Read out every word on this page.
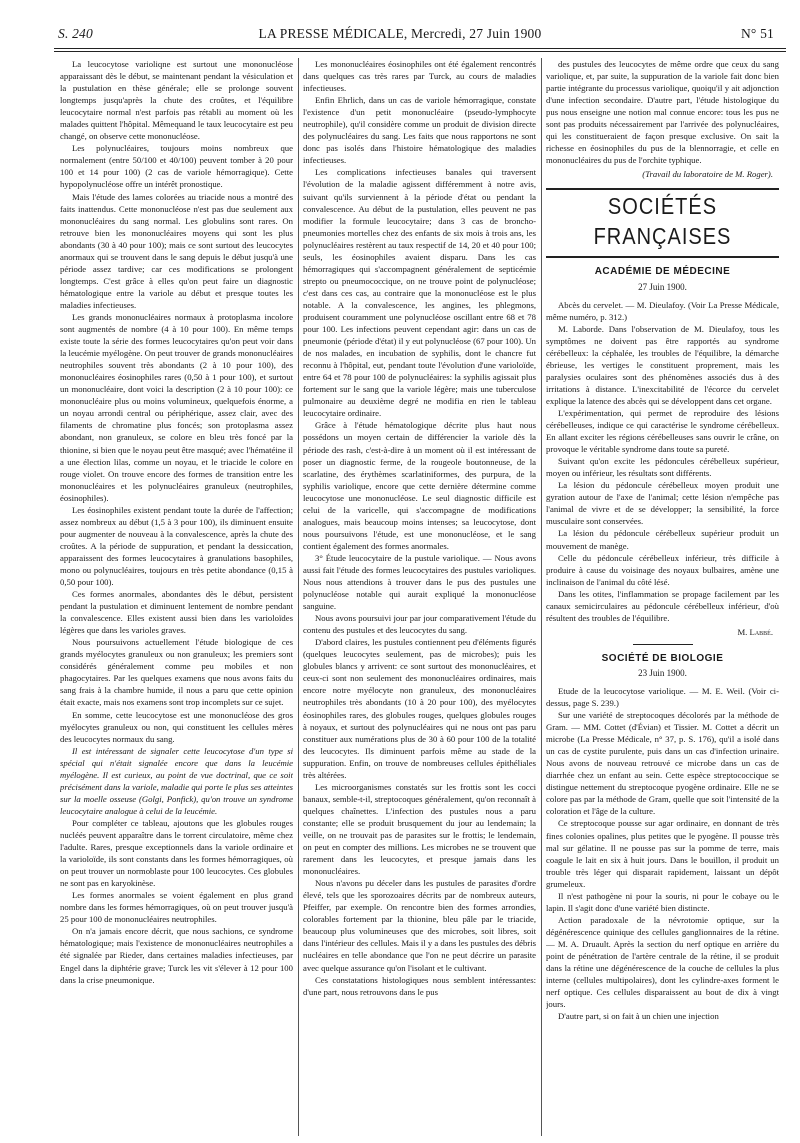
S. 240	LA PRESSE MÉDICALE, Mercredi, 27 Juin 1900	N° 51

La leucocytose varioliqne est surtout une mononucléose apparaissant dès le début, se maintenant pendant la vésiculation et la pustulation en thèse générale; elle se prolonge souvent longtemps jusqu'après la chute des croûtes, et l'équilibre leucocytaire normal n'est parfois pas rétabli au moment où les malades quittent l'hôpital. Mêmequand le taux leucocytaire est peu changé, on observe cette mononucléose.

Les polynucléaires, toujours moins nombreux que normalement (entre 50/100 et 40/100) peuvent tomber à 20 pour 100 et 14 pour 100) (2 cas de variole hémorragique). Cette hypopolynucléose offre un intérêt pronostique.

Mais l'étude des lames colorées au triacide nous a montré des faits inattendus. Cette mononucléose n'est pas due seulement aux mononucléaires du sang normal. Les globulins sont rares. On retrouve bien les mononucléaires moyens qui sont les plus abondants (30 à 40 pour 100); mais ce sont surtout des leucocytes anormaux qui se trouvent dans le sang depuis le début jusqu'à une période assez tardive; car ces modifications se prolongent longtemps. C'est grâce à elles qu'on peut faire un diagnostic hématologique entre la variole au début et presque toutes les maladies infectieuses.

Les grands mononucléaires normaux à protoplasma incolore sont augmentés de nombre (4 à 10 pour 100). En même temps existe toute la série des formes leucocytaires qu'on peut voir dans la leucémie myélogène. On peut trouver de grands mononucléaires neutrophiles souvent très abondants (2 à 10 pour 100), des mononucléaires éosinophiles rares (0,50 à 1 pour 100), et surtout un mononucléaire, dont voici la description (2 à 10 pour 100): ce mononucléaire plus ou moins volumineux, quelquefois énorme, a un noyau arrondi central ou périphérique, assez clair, avec des filaments de chromatine plus foncés; son protoplasma assez abondant, non granuleux, se colore en bleu très foncé par la thionine, si bien que le noyau peut être masqué; avec l'hématéine il a une élection lilas, comme un noyau, et le triacide le colore en rouge violet. On trouve encore des formes de transition entre les mononucléaires et les polynucléaires granuleux (neutrophiles, éosinophiles).

Les éosinophiles existent pendant toute la durée de l'affection; assez nombreux au début (1,5 à 3 pour 100), ils diminuent ensuite pour augmenter de nouveau à la convalescence, après la chute des croûtes. A la période de suppuration, et pendant la dessiccation, apparaissent des formes leucocytaires à granulations basophiles, mono ou polynucléaires, toujours en très petite abondance (0,15 à 0,50 pour 100).

Ces formes anormales, abondantes dès le début, persistent pendant la pustulation et diminuent lentement de nombre pendant la convalescence. Elles existent aussi bien dans les varioloïdes légères que dans les varioles graves.

Nous poursuivons actuellement l'étude biologique de ces grands myélocytes granuleux ou non granuleux; les premiers sont considérés généralement comme peu mobiles et non phagocytaires. Par les quelques examens que nous avons faits du sang frais à la chambre humide, il nous a paru que cette opinion était exacte, mais nos examens sont trop incomplets sur ce sujet.

En somme, cette leucocytose est une mononucléose des gros myélocytes granuleux ou non, qui constituent les cellules mères des leucocytes normaux du sang.

Il est intéressant de signaler cette leucocytose d'un type si spécial qui n'était signalée encore que dans la leucémie myélogène. Il est curieux, au point de vue doctrinal, que ce soit précisément dans la variole, maladie qui porte le plus ses atteintes sur la moelle osseuse (Golgi, Ponfick), qu'on trouve un syndrome leucocytaire analogue à celui de la leucémie.

Pour compléter ce tableau, ajoutons que les globules rouges nucléés peuvent apparaître dans le torrent circulatoire, même chez l'adulte. Rares, presque exceptionnels dans la variole ordinaire et la varioloïde, ils sont constants dans les formes hémorragiques, où on peut trouver un normoblaste pour 100 leucocytes. Ces globules ne sont pas en karyokinèse.

Les formes anormales se voient également en plus grand nombre dans les formes hémorragiques, où on peut trouver jusqu'à 25 pour 100 de mononucléaires neutrophiles.

On n'a jamais encore décrit, que nous sachions, ce syndrome hématologique; mais l'existence de mononucléaires neutrophiles a été signalée par Rieder, dans certaines maladies infectieuses, par Engel dans la diphtérie grave; Turck les vit s'élever à 12 pour 100 dans la crise pneumonique.

Les mononucléaires éosinophiles ont été également rencontrés dans quelques cas très rares par Turck, au cours de maladies infectieuses.

Enfin Ehrlich, dans un cas de variole hémorragique, constate l'existence d'un petit mononucléaire (pseudo-lymphocyte neutrophile), qu'il considère comme un produit de division directe des polynucléaires du sang. Les faits que nous rapportons ne sont donc pas isolés dans l'histoire hématologique des maladies infectieuses.

Les complications infectieuses banales qui traversent l'évolution de la maladie agissent différemment à notre avis, suivant qu'ils surviennent à la période d'état ou pendant la convalescence. Au début de la pustulation, elles peuvent ne pas modifier la formule leucocytaire; dans 3 cas de broncho-pneumonies mortelles chez des enfants de six mois à trois ans, les polynucléaires restèrent au taux respectif de 14, 20 et 40 pour 100; seuls, les éosinophiles avaient disparu. Dans les cas hémorragiques qui s'accompagnent généralement de septicémie strepto ou pneumococcique, on ne trouve point de polynucléose; c'est dans ces cas, au contraire que la mononucléose est le plus notable. A la convalescence, les angines, les phlegmons, produisent couramment une polynucléose oscillant entre 68 et 78 pour 100. Les infections peuvent cependant agir: dans un cas de pneumonie (période d'état) il y eut polynucléose (67 pour 100). Un de nos malades, en incubation de syphilis, dont le chancre fut reconnu à l'hôpital, eut, pendant toute l'évolution d'une varioloïde, entre 64 et 78 pour 100 de polynucléaires: la syphilis agissait plus fortement sur le sang que la variole légère; mais une tuberculose pulmonaire au deuxième degré ne modifia en rien le tableau leucocytaire ordinaire.

Grâce à l'étude hématologique décrite plus haut nous possédons un moyen certain de différencier la variole dès la période des rash, c'est-à-dire à un moment où il est intéressant de poser un diagnostic ferme, de la rougeole boutonneuse, de la scarlatine, des érythèmes scarlatiniformes, des purpura, de la syphilis variolique, encore que cette dernière détermine comme leucocytose une mononucléose. Le seul diagnostic difficile est celui de la varicelle, qui s'accompagne de modifications analogues, mais beaucoup moins intenses; sa leucocytose, dont nous poursuivons l'étude, est une mononucléose, et le sang contient également des formes anormales.

3° Étude leucocytaire de la pustule variolique. — Nous avons aussi fait l'étude des formes leucocytaires des pustules varioliques. Nous nous attendions à trouver dans le pus des pustules une polynucléose notable qui aurait expliqué la mononucléose sanguine.

Nous avons poursuivi jour par jour comparativement l'étude du contenu des pustules et des leucocytes du sang.

D'abord claires, les pustules contiennent peu d'éléments figurés (quelques leucocytes seulement, pas de microbes); puis les globules blancs y arrivent: ce sont surtout des mononucléaires, et ceux-ci sont non seulement des mononucléaires ordinaires, mais encore notre myélocyte non granuleux, des mononucléaires neutrophiles très abondants (10 à 20 pour 100), des myélocytes éosinophiles rares, des globules rouges, quelques globules rouges à noyaux, et surtout des polynucléaires qui ne nous ont pas paru constituer aux numérations plus de 30 à 60 pour 100 de la totalité des leucocytes. Ils diminuent parfois même au stade de la suppuration. Enfin, on trouve de nombreuses cellules épithéliales très altérées.

Les microorganismes constatés sur les frottis sont les cocci banaux, semble-t-il, streptocoques généralement, qu'on reconnaît à quelques chaînettes. L'infection des pustules nous a paru constante; elle se produit brusquement du jour au lendemain; la veille, on ne trouvait pas de parasites sur le frottis; le lendemain, on peut en compter des millions. Les microbes ne se trouvent que rarement dans les leucocytes, et presque jamais dans les mononucléaires.

Nous n'avons pu déceler dans les pustules de parasites d'ordre élevé, tels que les sporozoaires décrits par de nombreux auteurs, Pfeiffer, par exemple. On rencontre bien des formes arrondies, colorables fortement par la thionine, bleu pâle par le triacide, beaucoup plus volumineuses que des microbes, soit libres, soit dans l'intérieur des cellules. Mais il y a dans les pustules des débris nucléaires en telle abondance que l'on ne peut décrire un parasite avec quelque assurance qu'on l'isolant et le cultivant.

Ces constatations histologiques nous semblent intéressantes: d'une part, nous retrouvons dans le pus

des pustules des leucocytes de même ordre que ceux du sang variolique, et, par suite, la suppuration de la variole fait donc bien partie intégrante du processus variolique, quoiqu'il y ait adjonction d'une infection secondaire. D'autre part, l'étude histologique du pus nous enseigne une notion mal connue encore: tous les pus ne sont pas produits nécessairement par l'arrivée des polynucléaires, qui les constitueraient de façon presque exclusive. On sait la richesse en éosinophiles du pus de la blennorragie, et celle en mononucléaires du pus de l'orchite typhique.

(Travail du laboratoire de M. Roger).

SOCIÉTÉS FRANÇAISES
ACADÉMIE DE MÉDECINE
27 Juin 1900.

Abcès du cervelet. — M. Dieulafoy. (Voir La Presse Médicale, même numéro, p. 312.)

M. Laborde. Dans l'observation de M. Dieulafoy, tous les symptômes ne doivent pas être rapportés au syndrome cérébelleux: la céphalée, les troubles de l'équilibre, la démarche ébrieuse, les vertiges le constituent proprement, mais les paralysies oculaires sont des phénomènes associés dus à des irritations à distance. L'inexcitabilité de l'écorce du cervelet explique la latence des abcès qui se développent dans cet organe.

L'expérimentation, qui permet de reproduire des lésions cérébelleuses, indique ce qui caractérise le syndrome cérébelleux. En allant exciter les régions cérébelleuses sans ouvrir le crâne, on provoque le véritable syndrome dans toute sa pureté.

Suivant qu'on excite les pédoncules cérébelleux supérieur, moyen ou inférieur, les résultats sont différents.

La lésion du pédoncule cérébelleux moyen produit une gyration autour de l'axe de l'animal; cette lésion n'empêche pas l'animal de vivre et de se développer; la sensibilité, la force musculaire sont conservées.

La lésion du pédoncule cérébelleux supérieur produit un mouvement de manège.

Celle du pédoncule cérébelleux inférieur, très difficile à produire à cause du voisinage des noyaux bulbaires, amène une inclinaison de l'animal du côté lésé.

Dans les otites, l'inflammation se propage facilement par les canaux semicirculaires au pédoncule cérébelleux inférieur, d'où résultent des troubles de l'équilibre.

M. Labbé.

SOCIÉTÉ DE BIOLOGIE
23 Juin 1900.

Etude de la leucocytose variolique. — M. E. Weil. (Voir ci-dessus, page S. 239.)

Sur une variété de streptocoques décolorés par la méthode de Gram. — MM. Cottet (d'Évian) et Tissier. M. Cottet a décrit un microbe (La Presse Médicale, n° 37, p. S. 176), qu'il a isolé dans un cas de cystite purulente, puis dans un cas d'infection urinaire. Nous avons de nouveau retrouvé ce microbe dans un cas de diarrhée chez un enfant au sein. Cette espèce streptococcique se distingue nettement du streptocoque pyogène ordinaire. Elle ne se colore pas par la méthode de Gram, quelle que soit l'intensité de la coloration et l'âge de la culture.

Ce streptocoque pousse sur agar ordinaire, en donnant de très fines colonies opalines, plus petites que le pyogène. Il pousse très mal sur gélatine. Il ne pousse pas sur la pomme de terre, mais coagule le lait en six à huit jours. Dans le bouillon, il produit un trouble très léger qui disparait rapidement, laissant un dépôt grumeleux.

Il n'est pathogène ni pour la souris, ni pour le cobaye ou le lapin. Il s'agit donc d'une variété bien distincte.

Action paradoxale de la névrotomie optique, sur la dégénérescence quinique des cellules ganglionnaires de la rétine. — M. A. Druault. Après la section du nerf optique en arrière du point de pénétration de l'artère centrale de la rétine, il se produit dans la rétine une dégénérescence de la couche de cellules la plus interne (cellules multipolaires), dont les cylindre-axes forment le nerf optique. Ces cellules disparaissent au bout de dix à vingt jours.

D'autre part, si on fait à un chien une injection
